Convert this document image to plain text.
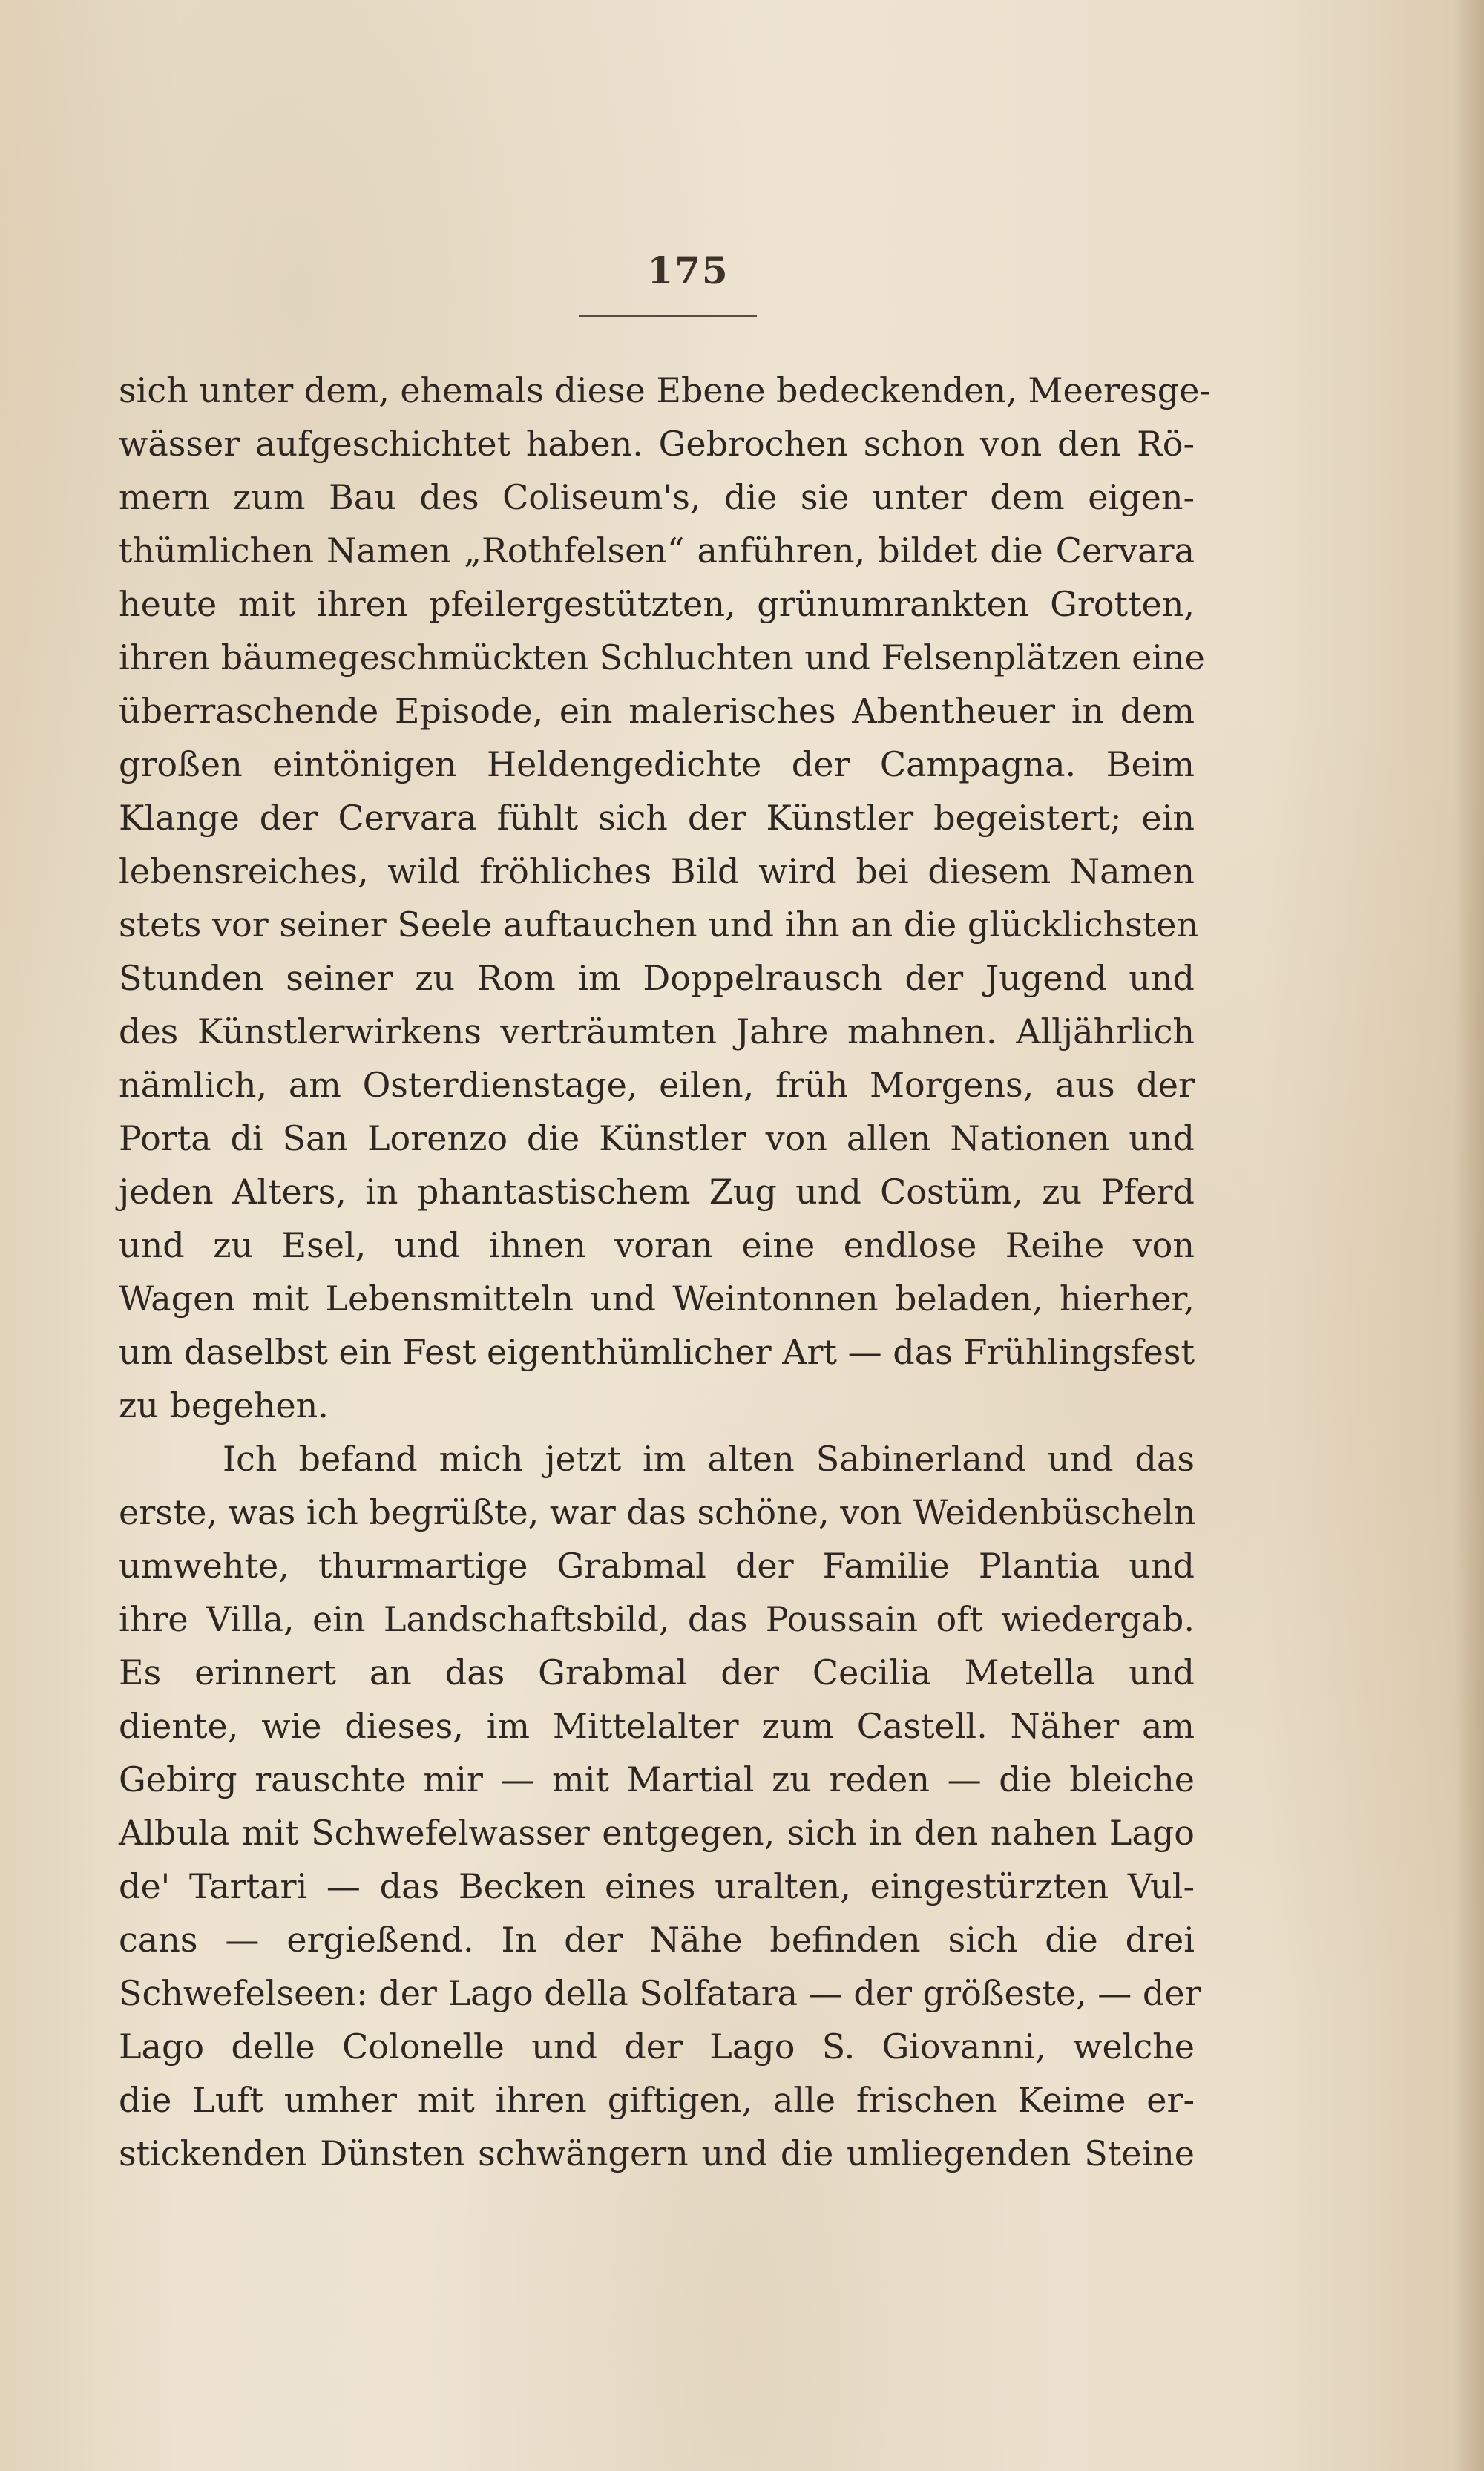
175
sich unter dem, ehemals diese Ebene bedeckenden, Meeresge-
wässer aufgeschichtet haben. Gebrochen schon von den Rö-
mern zum Bau des Coliseum's, die sie unter dem eigen-
thümlichen Namen „Rothfelsen“ anführen, bildet die Cervara
heute mit ihren pfeilergestützten, grünumrankten Grotten,
ihren bäumegeschmückten Schluchten und Felsenplätzen eine
überraschende Episode, ein malerisches Abentheuer in dem
großen eintönigen Heldengedichte der Campagna. Beim
Klange der Cervara fühlt sich der Künstler begeistert; ein
lebensreiches, wild fröhliches Bild wird bei diesem Namen
stets vor seiner Seele auftauchen und ihn an die glücklichsten
Stunden seiner zu Rom im Doppelrausch der Jugend und
des Künstlerwirkens verträumten Jahre mahnen. Alljährlich
nämlich, am Osterdienstage, eilen, früh Morgens, aus der
Porta di San Lorenzo die Künstler von allen Nationen und
jeden Alters, in phantastischem Zug und Costüm, zu Pferd
und zu Esel, und ihnen voran eine endlose Reihe von
Wagen mit Lebensmitteln und Weintonnen beladen, hierher,
um daselbst ein Fest eigenthümlicher Art — das Frühlingsfest
zu begehen.
Ich befand mich jetzt im alten Sabinerland und das
erste, was ich begrüßte, war das schöne, von Weidenbüscheln
umwehte, thurmartige Grabmal der Familie Plantia und
ihre Villa, ein Landschaftsbild, das Poussain oft wiedergab.
Es erinnert an das Grabmal der Cecilia Metella und
diente, wie dieses, im Mittelalter zum Castell. Näher am
Gebirg rauschte mir — mit Martial zu reden — die bleiche
Albula mit Schwefelwasser entgegen, sich in den nahen Lago
de' Tartari — das Becken eines uralten, eingestürzten Vul-
cans — ergießend. In der Nähe befinden sich die drei
Schwefelseen: der Lago della Solfatara — der größeste, — der
Lago delle Colonelle und der Lago S. Giovanni, welche
die Luft umher mit ihren giftigen, alle frischen Keime er-
stickenden Dünsten schwängern und die umliegenden Steine
